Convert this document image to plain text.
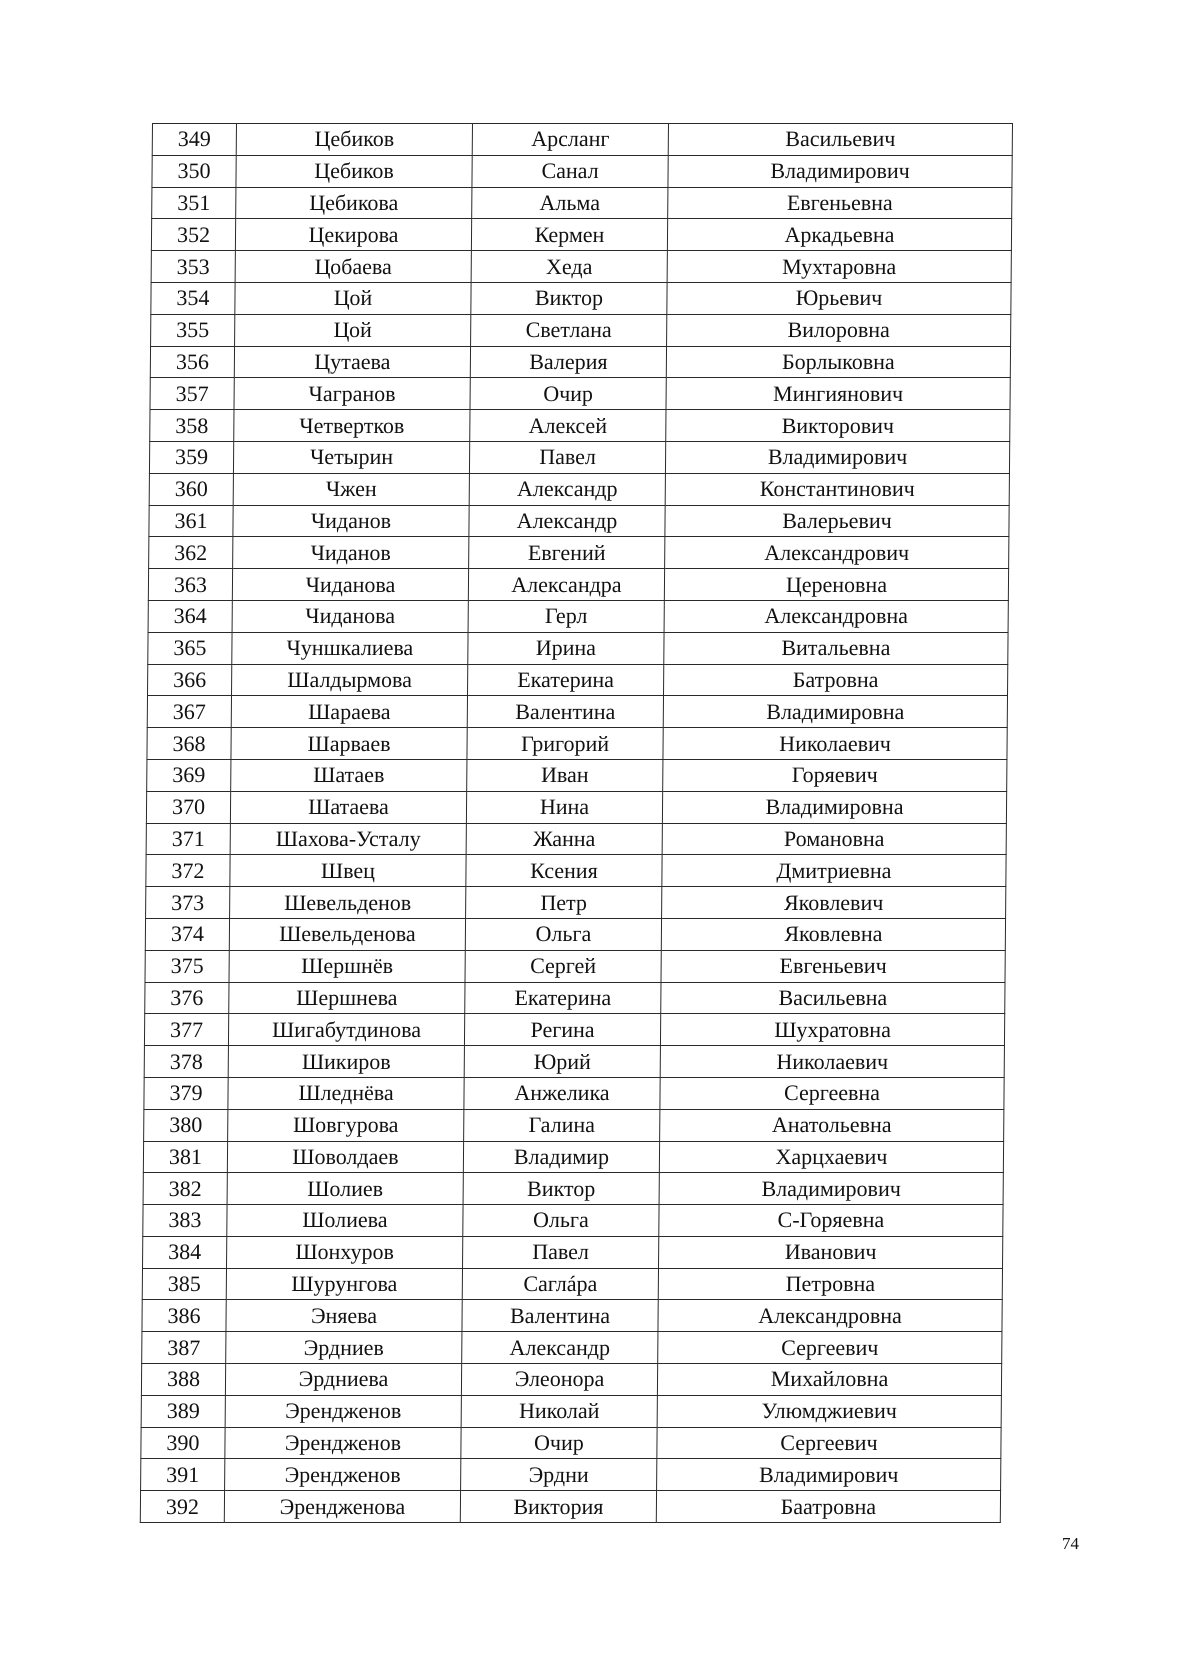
349	Цебиков	Арсланг	Васильевич
350	Цебиков	Санал	Владимирович
351	Цебикова	Альма	Евгеньевна
352	Цекирова	Кермен	Аркадьевна
353	Цобаева	Хеда	Мухтаровна
354	Цой	Виктор	Юрьевич
355	Цой	Светлана	Вилоровна
356	Цутаева	Валерия	Борлыковна
357	Чагранов	Очир	Мингиянович
358	Четвертков	Алексей	Викторович
359	Четырин	Павел	Владимирович
360	Чжен	Александр	Константинович
361	Чиданов	Александр	Валерьевич
362	Чиданов	Евгений	Александрович
363	Чиданова	Александра	Цереновна
364	Чиданова	Герл	Александровна
365	Чуншкалиева	Ирина	Витальевна
366	Шалдырмова	Екатерина	Батровна
367	Шараева	Валентина	Владимировна
368	Шарваев	Григорий	Николаевич
369	Шатаев	Иван	Горяевич
370	Шатаева	Нина	Владимировна
371	Шахова-Усталу	Жанна	Романовна
372	Швец	Ксения	Дмитриевна
373	Шевельденов	Петр	Яковлевич
374	Шевельденова	Ольга	Яковлевна
375	Шершнёв	Сергей	Евгеньевич
376	Шершнева	Екатерина	Васильевна
377	Шигабутдинова	Регина	Шухратовна
378	Шикиров	Юрий	Николаевич
379	Шледнёва	Анжелика	Сергеевна
380	Шовгурова	Галина	Анатольевна
381	Шоволдаев	Владимир	Харцхаевич
382	Шолиев	Виктор	Владимирович
383	Шолиева	Ольга	С-Горяевна
384	Шонхуров	Павел	Иванович
385	Шурунгова	Саглáра	Петровна
386	Эняева	Валентина	Александровна
387	Эрдниев	Александр	Сергеевич
388	Эрдниева	Элеонора	Михайловна
389	Эрендженов	Николай	Улюмджиевич
390	Эрендженов	Очир	Сергеевич
391	Эрендженов	Эрдни	Владимирович
392	Эрендженова	Виктория	Баатровна
74
